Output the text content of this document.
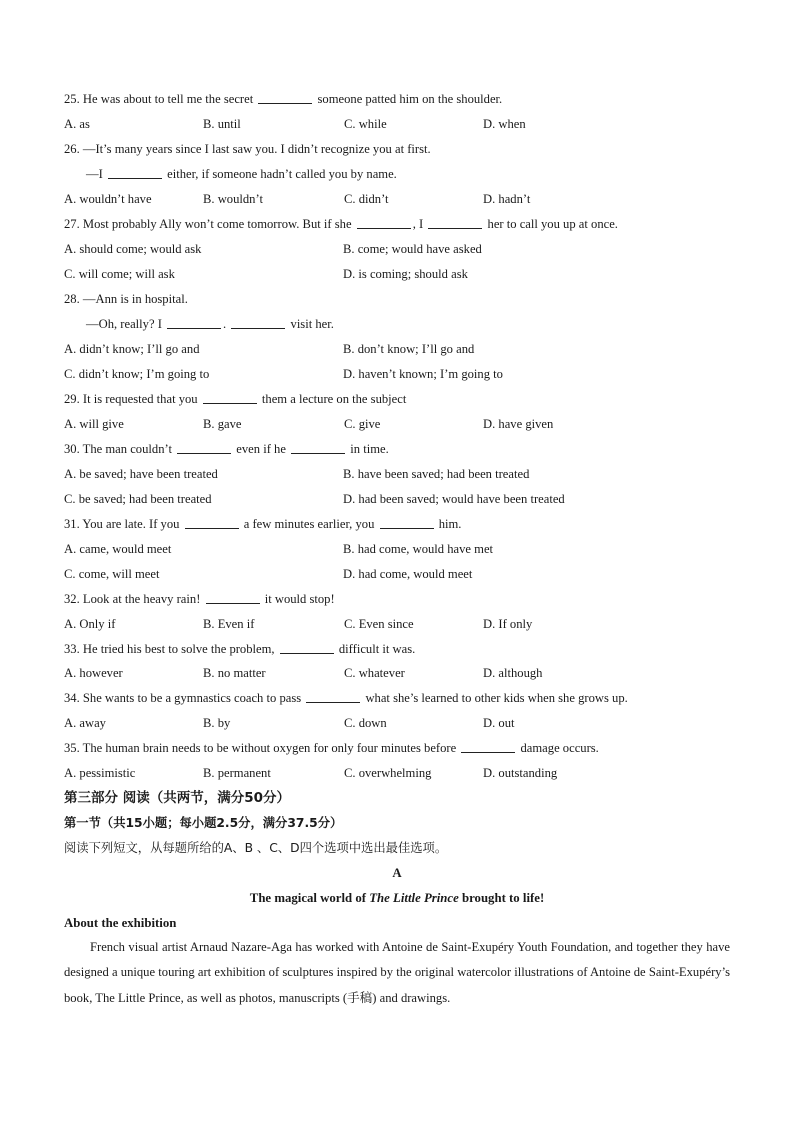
25. He was about to tell me the secret	someone patted him on the shoulder.
A. as	B. until	C. while	D. when
26. —It’s many years since I last saw you. I didn’t recognize you at first.
—I	either, if someone hadn’t called you by name.
A. wouldn’t have	B. wouldn’t	C. didn’t	D. hadn’t
27. Most probably Ally won’t come tomorrow. But if she	, I	her to call you up at once.
A. should come; would ask	B. come; would have asked
C. will come; will ask	D. is coming; should ask
28. —Ann is in hospital.
—Oh, really? I	.	visit her.
A. didn’t know; I’ll go and	B. don’t know; I’ll go and
C. didn’t know; I’m going to	D. haven’t known; I’m going to
29. It is requested that you	them a lecture on the subject
A. will give	B. gave	C. give	D. have given
30. The man couldn’t	even if he	in time.
A. be saved; have been treated	B. have been saved; had been treated
C. be saved; had been treated	D. had been saved; would have been treated
31. You are late. If you	a few minutes earlier, you	him.
A. came, would meet	B. had come, would have met
C. come, will meet	D. had come, would meet
32. Look at the heavy rain!	it would stop!
A. Only if	B. Even if	C. Even since	D. If only
33. He tried his best to solve the problem,	difficult it was.
A. however	B. no matter	C. whatever	D. although
34. She wants to be a gymnastics coach to pass	what she’s learned to other kids when she grows up.
A. away	B. by	C. down	D. out
35. The human brain needs to be without oxygen for only four minutes before	damage occurs.
A. pessimistic	B. permanent	C. overwhelming	D. outstanding
第三部分 阅读（共两节，满分50分）
第一节（共15小题；每小题2.5分，满分37.5分）
阅读下列短文，从每题所给的A、B 、C、D四个选项中选出最佳选项。
A
The magical world of The Little Prince brought to life!
About the exhibition
French visual artist Arnaud Nazare-Aga has worked with Antoine de Saint-Exupéry Youth Foundation, and together they have designed a unique touring art exhibition of sculptures inspired by the original watercolor illustrations of Antoine de Saint-Exupéry’s book, The Little Prince, as well as photos, manuscripts (手稿) and drawings.
